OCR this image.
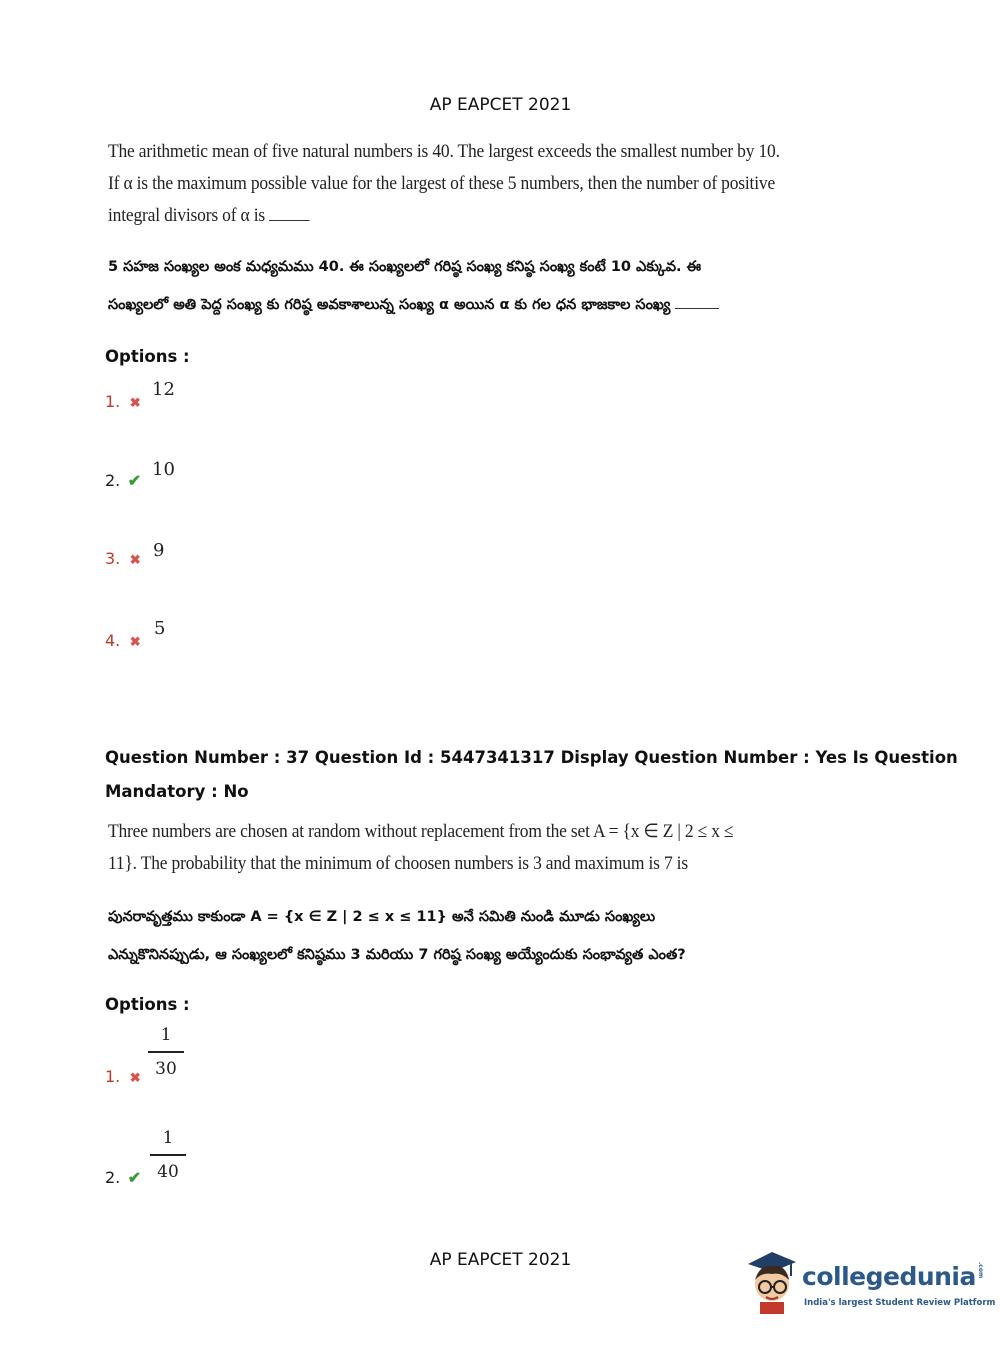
AP EAPCET 2021
The arithmetic mean of five natural numbers is 40. The largest exceeds the smallest number by 10.
If α is the maximum possible value for the largest of these 5 numbers, then the number of positive
integral divisors of α is
5 సహజ సంఖ్యల అంక మధ్యమము 40. ఈ సంఖ్యలలో గరిష్ఠ సంఖ్య కనిష్ఠ సంఖ్య కంటే 10 ఎక్కువ. ఈ
సంఖ్యలలో అతి పెద్ద సంఖ్య కు గరిష్ఠ అవకాశాలున్న సంఖ్య α అయిన α కు గల ధన భాజకాల సంఖ్య
Options :
1. ✖
12
2. ✔
10
3. ✖ 9
4. ✖
5
Question Number : 37 Question Id : 5447341317 Display Question Number : Yes Is Question
Mandatory : No
Three numbers are chosen at random without replacement from the set A = {x ∈ Z | 2 ≤ x ≤
11}. The probability that the minimum of choosen numbers is 3 and maximum is 7 is
పునరావృత్తము కాకుండా A = {x ∈ Z | 2 ≤ x ≤ 11} అనే సమితి నుండి మూడు సంఖ్యలు
ఎన్నుకొనినప్పుడు, ఆ సంఖ్యలలో కనిష్ఠము 3 మరియు 7 గరిష్ఠ సంఖ్య అయ్యేందుకు సంభావ్యత ఎంత?
Options :
1. ✖
1
30
2. ✔
1
40
AP EAPCET 2021
collegedunia.com
India's largest Student Review Platform
